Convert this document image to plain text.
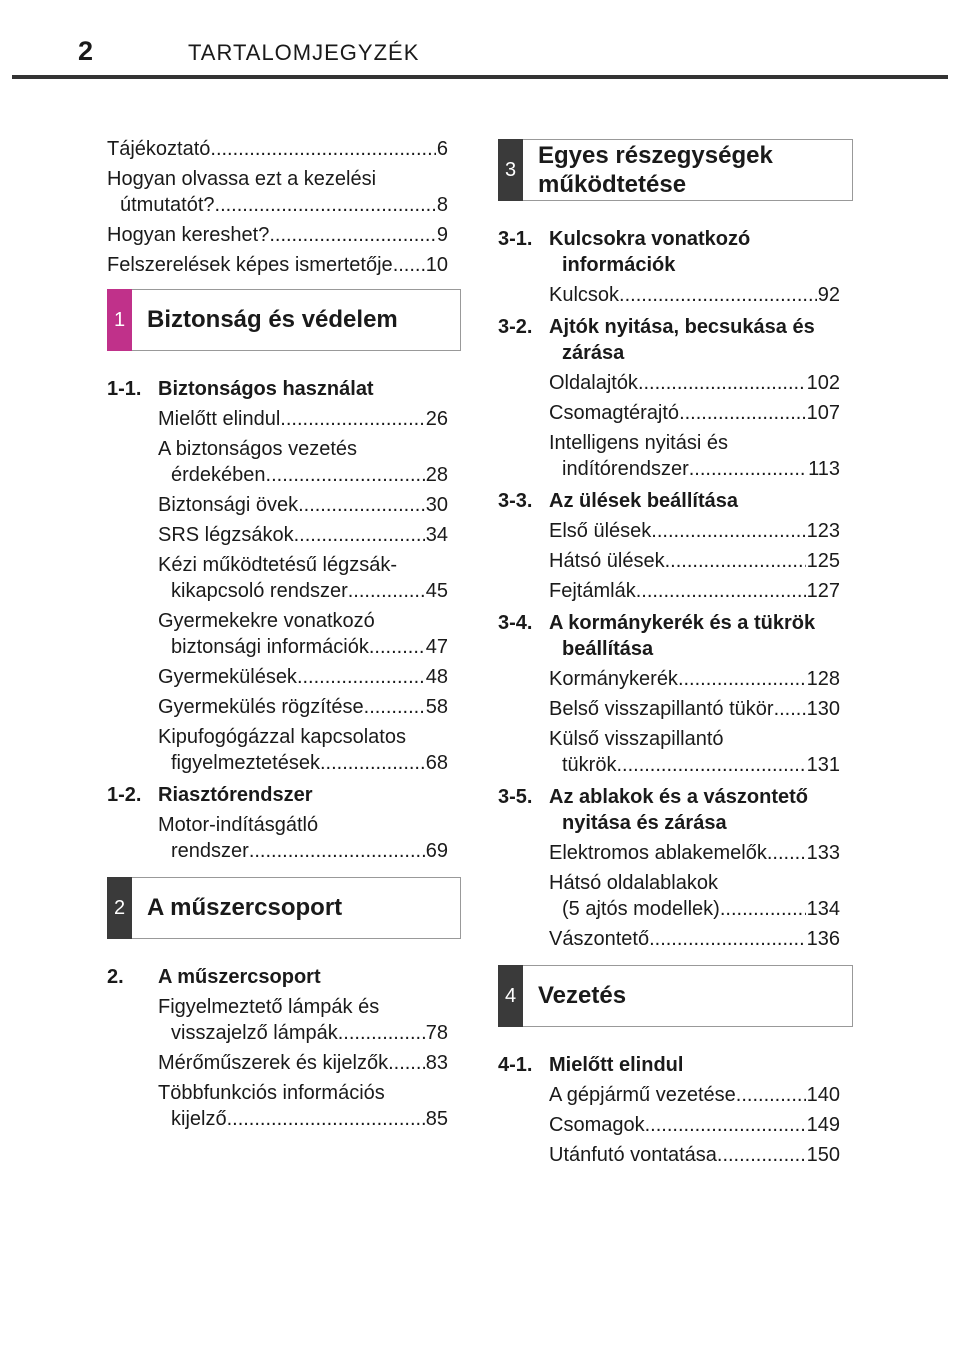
2	TARTALOMJEGYZÉK
Tájékoztató .....	6
Hogyan olvassa ezt a kezelési
útmutatót? .....	8
Hogyan kereshet? .....	9
Felszerelések képes ismertetője ..... 10
1 Biztonság és védelem
1-1. Biztonságos használat
Mielőtt elindul .....	26
A biztonságos vezetés
érdekében .....	28
Biztonsági övek .....	30
SRS légzsákok .....	34
Kézi működtetésű légzsák-
kikapcsoló rendszer .....	45
Gyermekekre vonatkozó
biztonsági információk .....	47
Gyermekülések .....	48
Gyermekülés rögzítése .....	58
Kipufogógázzal kapcsolatos
figyelmeztetések .....	68
1-2. Riasztórendszer
Motor-indításgátló
rendszer .....	69
2 A műszercsoport
2. A műszercsoport
Figyelmeztető lámpák és
visszajelző lámpák .....	78
Mérőműszerek és kijelzők ..... 83
Többfunkciós információs
kijelző .....	85
3
Egyes részegységek
működtetése
3-1. Kulcsokra vonatkozó
információk
Kulcsok .....	92
3-2. Ajtók nyitása, becsukása és
zárása
Oldalajtók .....	102
Csomagtérajtó .....	107
Intelligens nyitási és
indítórendszer .....	113
3-3. Az ülések beállítása
Első ülések .....	123
Hátsó ülések .....	125
Fejtámlák .....	127
3-4. A kormánykerék és a tükrök
beállítása
Kormánykerék .....	128
Belső visszapillantó tükör ..... 130
Külső visszapillantó
tükrök .....	131
3-5. Az ablakok és a vászontető
nyitása és zárása
Elektromos ablakemelők ..... 133
Hátsó oldalablakok
(5 ajtós modellek) .....	134
Vászontető .....	136
4 Vezetés
4-1. Mielőtt elindul
A gépjármű vezetése .....	140
Csomagok .....	149
Utánfutó vontatása .....	150
